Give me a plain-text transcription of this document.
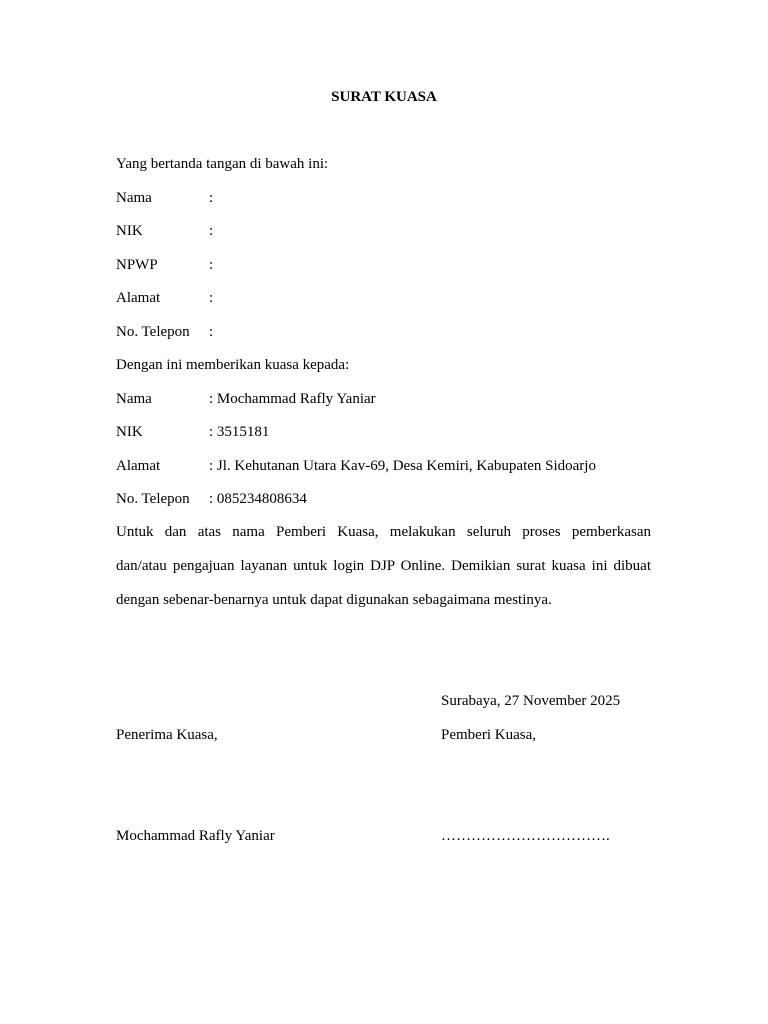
SURAT KUASA
Yang bertanda tangan di bawah ini:
Nama	:
NIK	:
NPWP	:
Alamat	:
No. Telepon	:
Dengan ini memberikan kuasa kepada:
Nama	: Mochammad Rafly Yaniar
NIK	: 3515181
Alamat	: Jl. Kehutanan Utara Kav-69, Desa Kemiri, Kabupaten Sidoarjo
No. Telepon	: 085234808634
Untuk dan atas nama Pemberi Kuasa, melakukan seluruh proses pemberkasan
dan/atau pengajuan layanan untuk login DJP Online. Demikian surat kuasa ini dibuat
dengan sebenar-benarnya untuk dapat digunakan sebagaimana mestinya.
Surabaya, 27 November 2025
Penerima Kuasa,	Pemberi Kuasa,
Mochammad Rafly Yaniar	…………………………….
